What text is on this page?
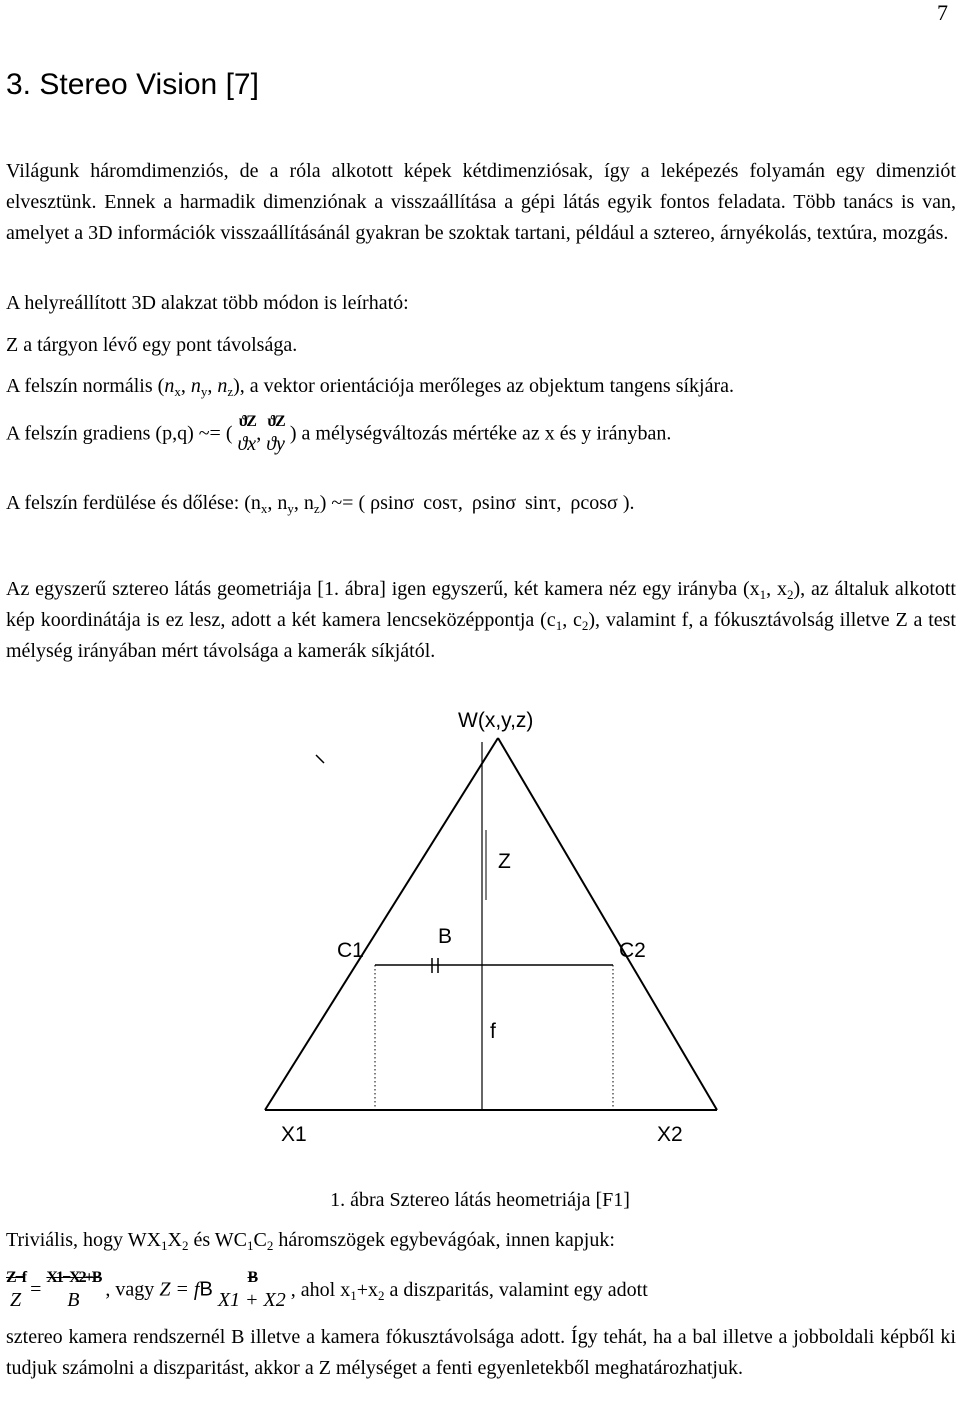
7
3. Stereo Vision [7]
Világunk háromdimenziós, de a róla alkotott képek kétdimenziósak, így a leképezés folyamán egy dimenziót elvesztünk. Ennek a harmadik dimenziónak a visszaállítása a gépi látás egyik fontos feladata. Több tanács is van, amelyet a 3D információk visszaállításánál gyakran be szoktak tartani, például a sztereo, árnyékolás, textúra, mozgás.
A helyreállított 3D alakzat több módon is leírható:
Z a tárgyon lévő egy pont távolsága.
A felszín normális ($n_x$, $n_y$, $n_z$), a vektor orientációja merőleges az objektum tangens síkjára.
A felszín gradiens (p,q) ~= (
ϑZ
ϑx ,
ϑZ
ϑy ) a mélységváltozás mértéke az x és y irányban.
A felszín ferdülése és dőlése: ($n_x$, $n_y$, $n_z$) ~= ( ρsinσ cosτ, ρsinσ sinτ, ρcosσ ).
Az egyszerű sztereo látás geometriája [1. ábra] igen egyszerű, két kamera néz egy irányba ($x_1$, $x_2$), az általuk alkotott kép koordinátája is ez lesz, adott a két kamera lencseközéppontja ($c_1$, $c_2$), valamint f, a fókusztávolság illetve Z a test mélység irányában mért távolsága a kamerák síkjától.
W(x,y,z)
Z
B
C1	C2
f
X1	X2
1. ábra Sztereo látás heometriája [F1]
Triviális, hogy $WX_1X_2$ és $WC_1C_2$ háromszögek egybevágóak, innen kapjuk:
Z−f
Z =
X1−X2+B
B	, vagy Z = fB
B
X1 + X2 , ahol $x_1+x_2$ a diszparitás, valamint egy adott
sztereo kamera rendszernél B illetve a kamera fókusztávolsága adott. Így tehát, ha a bal illetve a jobboldali képből ki tudjuk számolni a diszparitást, akkor a Z mélységet a fenti egyenletekből meghatározhatjuk.
